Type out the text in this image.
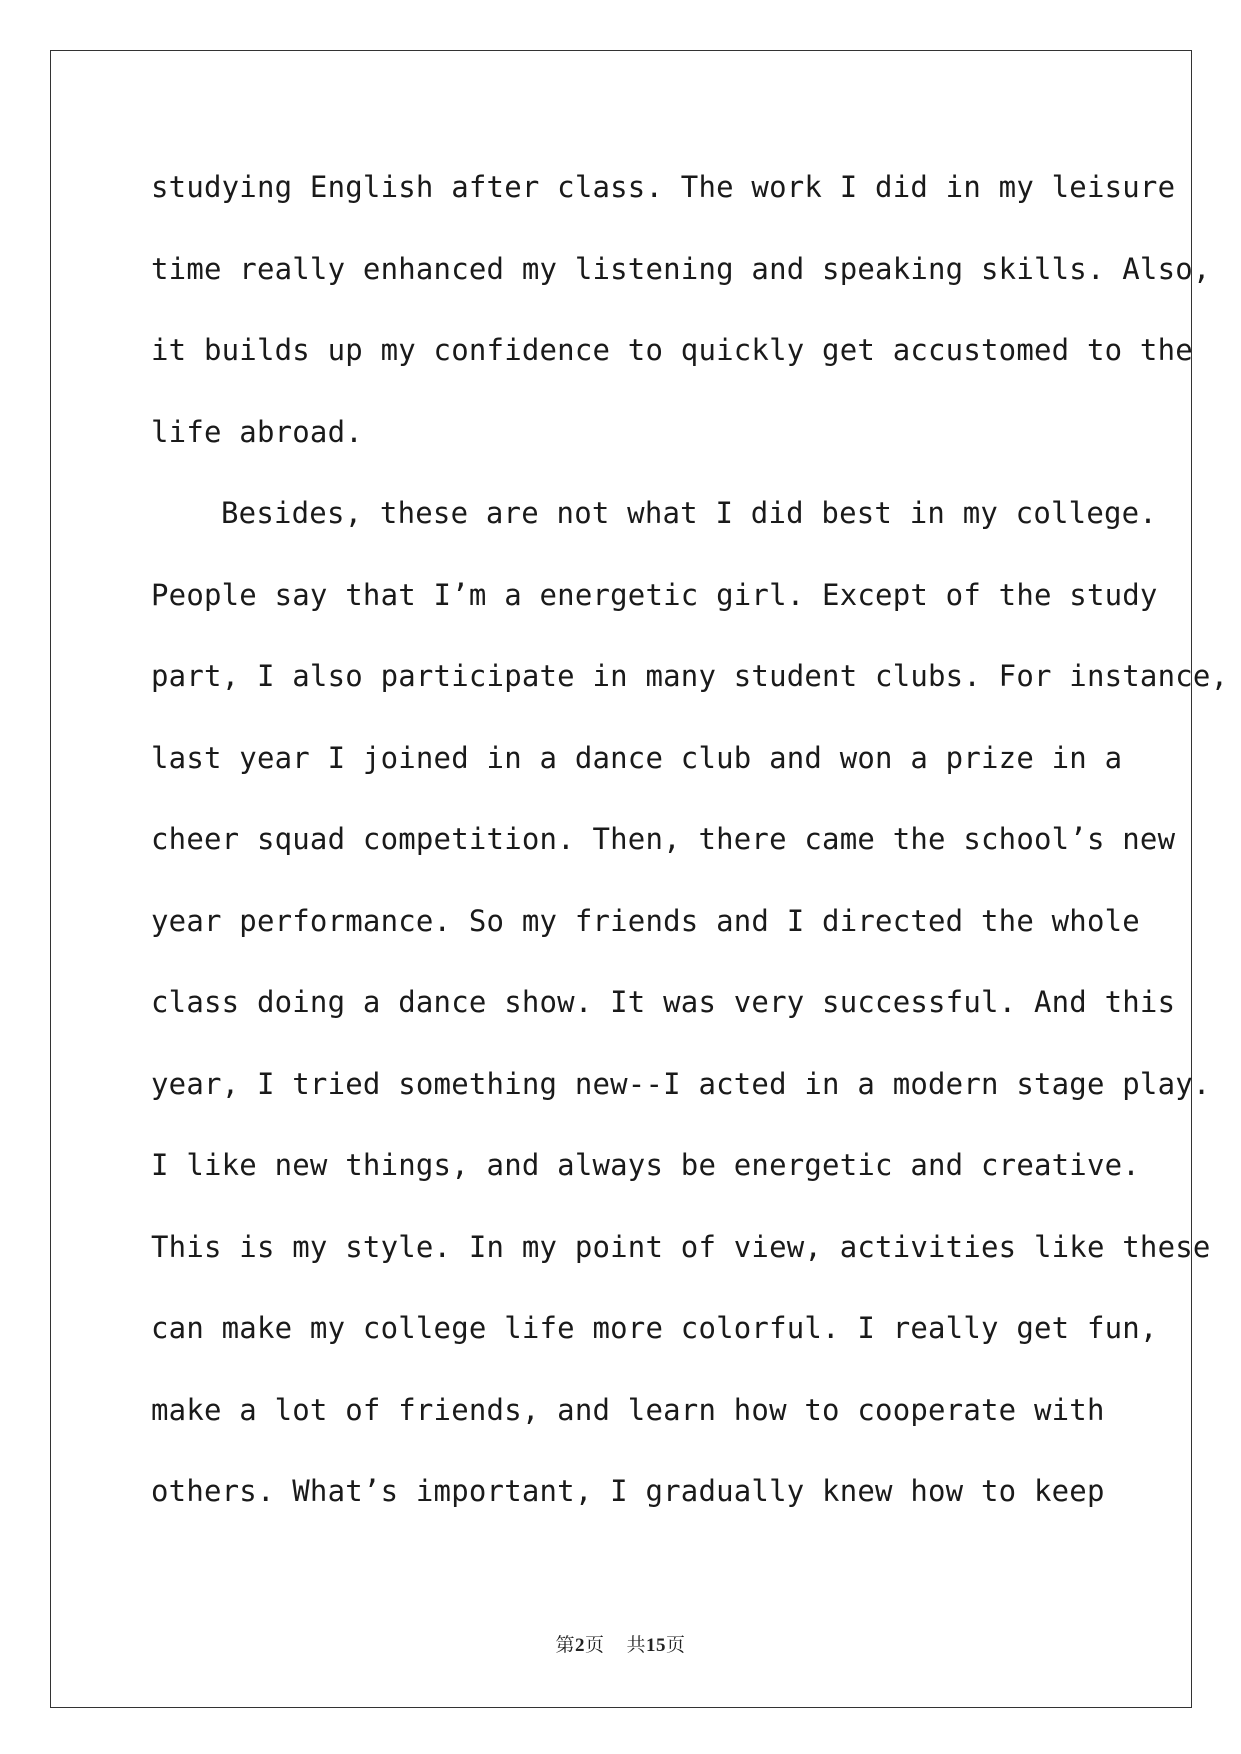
studying English after class. The work I did in my leisure
time really enhanced my listening and speaking skills. Also,
it builds up my confidence to quickly get accustomed to the
life abroad.
Besides, these are not what I did best in my college.
People say that I’m a energetic girl. Except of the study
part, I also participate in many student clubs. For instance,
last year I joined in a dance club and won a prize in a
cheer squad competition. Then, there came the school’s new
year performance. So my friends and I directed the whole
class doing a dance show. It was very successful. And this
year, I tried something new--I acted in a modern stage play.
I like new things, and always be energetic and creative.
This is my style. In my point of view, activities like these
can make my college life more colorful. I really get fun,
make a lot of friends, and learn how to cooperate with
others. What’s important, I gradually knew how to keep
第2页 共15页
